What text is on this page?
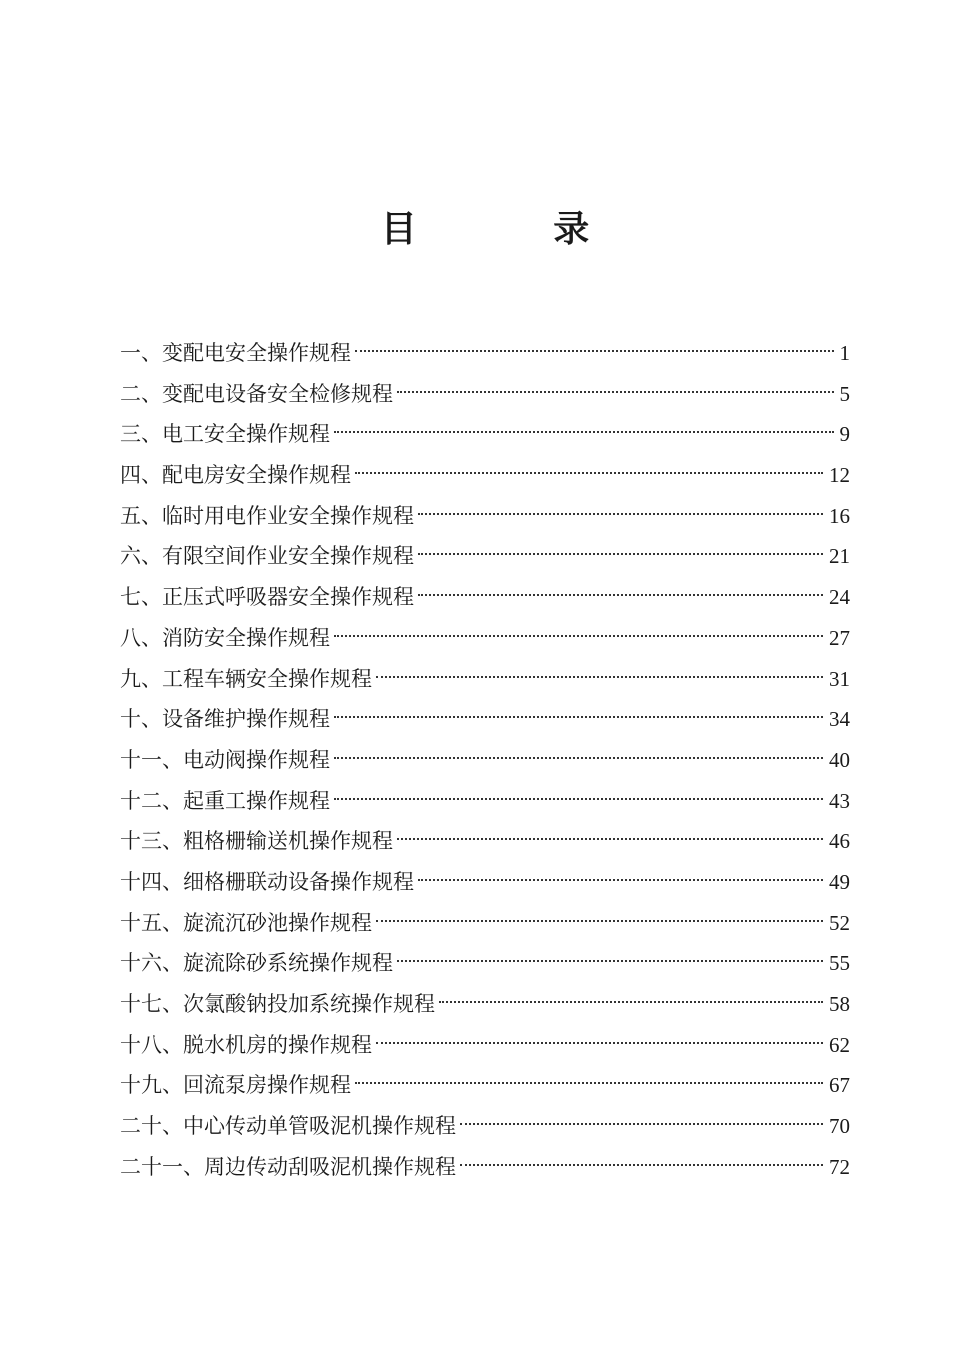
目 录
一、变配电安全操作规程	1
二、变配电设备安全检修规程	5
三、电工安全操作规程	9
四、配电房安全操作规程	12
五、临时用电作业安全操作规程	16
六、有限空间作业安全操作规程	21
七、正压式呼吸器安全操作规程	24
八、消防安全操作规程	27
九、工程车辆安全操作规程	31
十、设备维护操作规程	34
十一、电动阀操作规程	40
十二、起重工操作规程	43
十三、粗格栅输送机操作规程	46
十四、细格栅联动设备操作规程	49
十五、旋流沉砂池操作规程	52
十六、旋流除砂系统操作规程	55
十七、次氯酸钠投加系统操作规程	58
十八、脱水机房的操作规程	62
十九、回流泵房操作规程	67
二十、中心传动单管吸泥机操作规程	70
二十一、周边传动刮吸泥机操作规程	72
